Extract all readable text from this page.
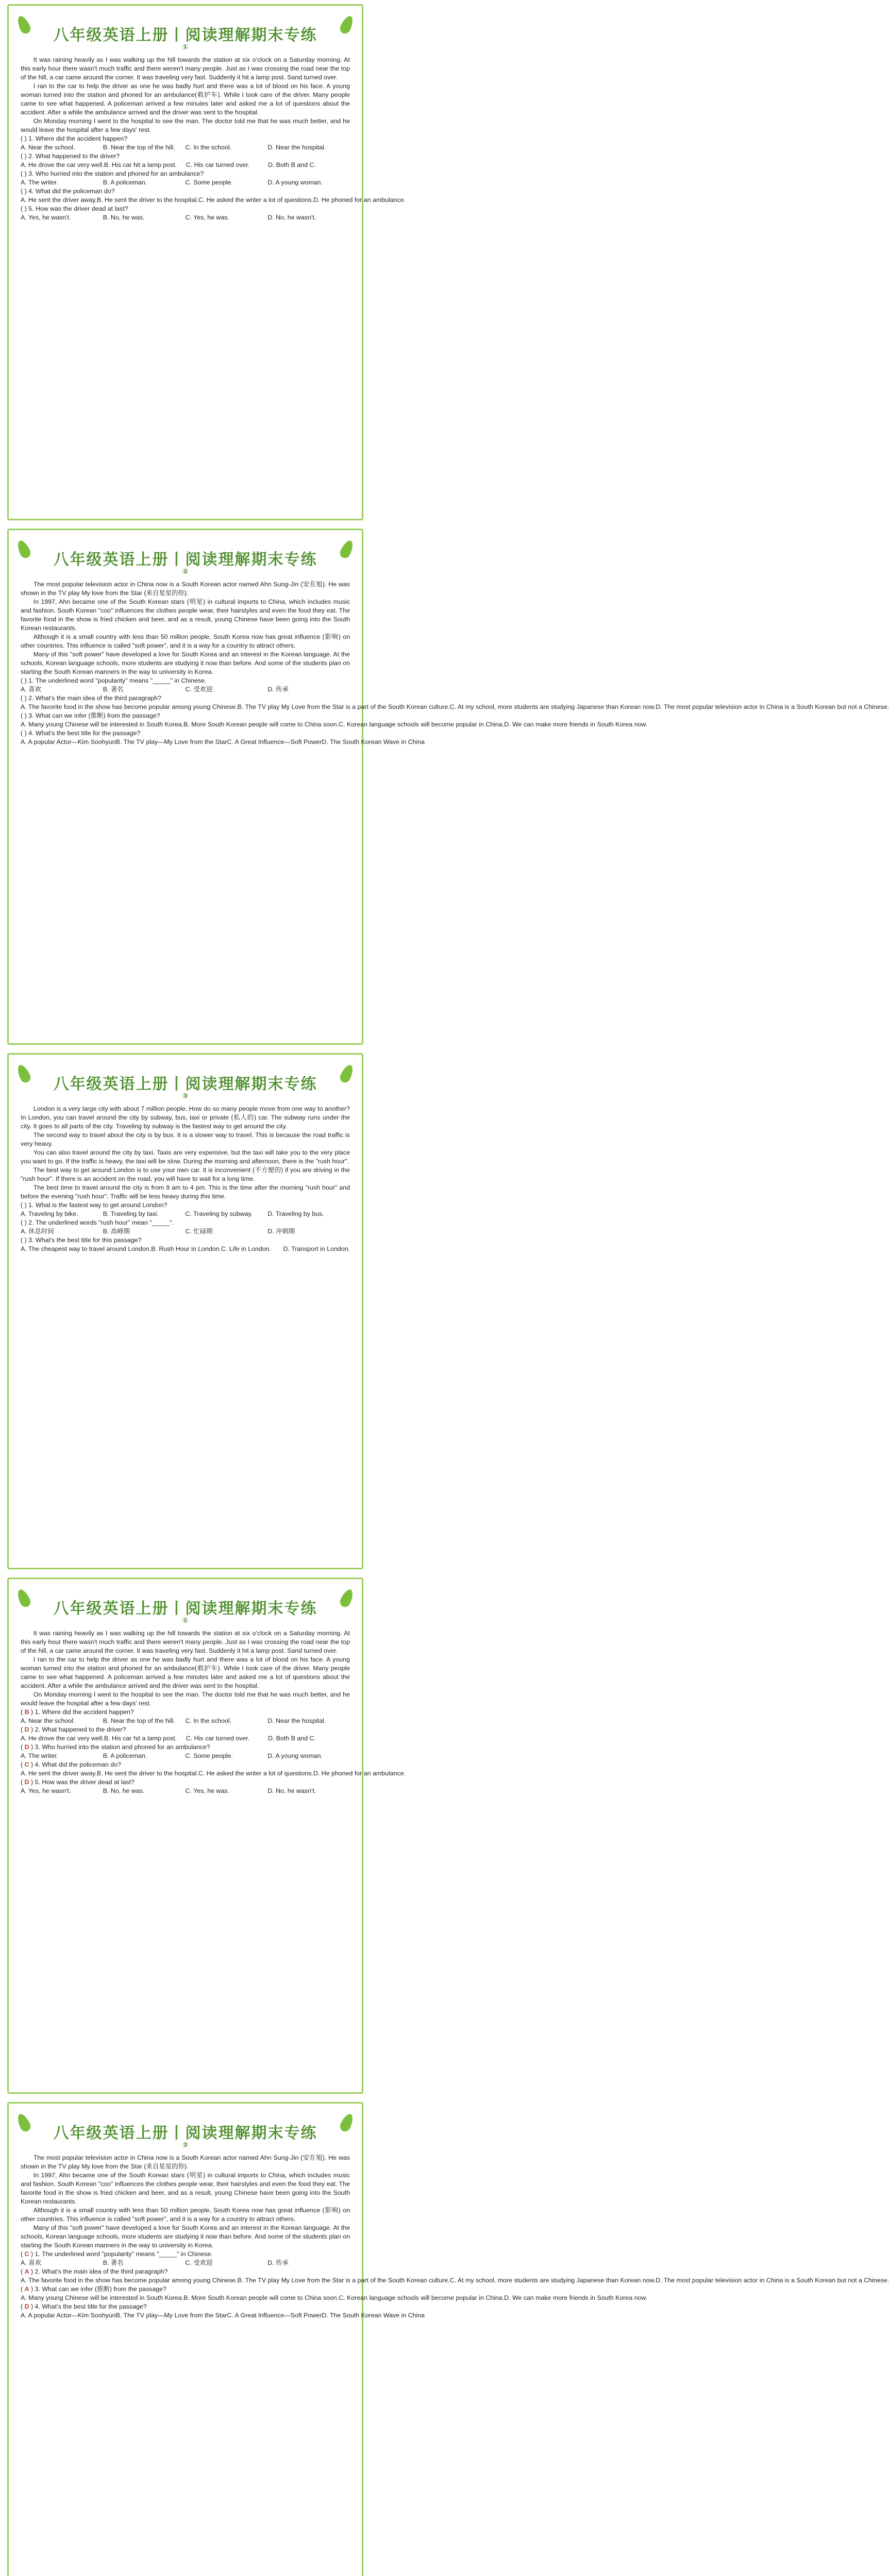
八年级英语上册丨阅读理解期末专练
①

It was raining heavily as I was walking up the hill towards the station at six o'clock on a Saturday morning. At this early hour there wasn't much traffic and there weren't many people. Just as I was crossing the road near the top of the hill, a car came around the corner. It was traveling very fast. Suddenly it hit a lamp post. Sand turned over.

I ran to the car to help the driver as one he was badly hurt and there was a lot of blood on his face. A young woman turned into the station and phoned for an ambulance(救护车). While I took care of the driver. Many people came to see what happened. A policeman arrived a few minutes later and asked me a lot of questions about the accident. After a while the ambulance arrived and the driver was sent to the hospital.

On Monday morning I went to the hospital to see the man. The doctor told me that he was much better, and he would leave the hospital after a few days' rest.

( ) 1. Where did the accident happen?

A. Near the school.	B. Near the top of the hill.	C. In the school.	D. Near the hospital.

( ) 2. What happened to the driver?

A. He drove the car very well. B. His car hit a lamp post.	C. His car turned over.	D. Both B and C.

( ) 3. Who hurried into the station and phoned for an ambulance?

A. The writer.	B. A policeman.	C. Some people.	D. A young woman.

( ) 4. What did the policeman do?

A. He sent the driver away. B. He sent the driver to the hospital. C. He asked the writer a lot of questions. D. He phoned for an ambulance.

( ) 5. How was the driver dead at last?

A. Yes, he wasn't.	B. No, he was.	C. Yes, he was.	D. No, he wasn't.
八年级英语上册丨阅读理解期末专练
②

The most popular television actor in China now is a South Korean actor named Ahn Sung-Jin (安在旭). He was shown in the TV play My love from the Star (来自星星的你).

In 1997, Ahn became one of the South Korean stars (明星) in cultural imports to China, which includes music and fashion. South Korean "coo" influences the clothes people wear, their hairstyles and even the food they eat. The favorite food in the show is fried chicken and beer, and as a result, young Chinese have been going into the South Korean restaurants.

Although it is a small country with less than 50 million people, South Korea now has great influence (影响) on other countries. This influence is called "soft power", and it is a way for a country to attract others.

Many of this "soft power" have developed a love for South Korea and an interest in the Korean language. At the schools, Korean language schools, more students are studying it now than before. And some of the students plan on starting the South Korean manners in the way to university in Korea.

( ) 1. The underlined word "popularity" means "_____" in Chinese.

A. 喜欢	B. 著名	C. 受欢迎	D. 传承

( ) 2. What's the main idea of the third paragraph?

A. The favorite food in the show has become popular among young Chinese. B. The TV play My Love from the Star is a part of the South Korean culture. C. At my school, more students are studying Japanese than Korean now. D. The most popular television actor in China is a South Korean but not a Chinese.

( ) 3. What can we infer (推断) from the passage?

A. Many young Chinese will be interested in South Korea. B. More South Korean people will come to China soon. C. Korean language schools will become popular in China. D. We can make more friends in South Korea now.

( ) 4. What's the best title for the passage?

A. A popular Actor—Kim Soohyun B. The TV play—My Love from the Star C. A Great Influence—Soft Power D. The South Korean Wave in China
八年级英语上册丨阅读理解期末专练
③

London is a very large city with about 7 million people. How do so many people move from one way to another? In London, you can travel around the city by subway, bus, taxi or private (私人的) car. The subway runs under the city. It goes to all parts of the city. Traveling by subway is the fastest way to get around the city.

The second way to travel about the city is by bus. It is a slower way to travel. This is because the road traffic is very heavy.

You can also travel around the city by taxi. Taxis are very expensive, but the taxi will take you to the very place you want to go. If the traffic is heavy, the taxi will be slow. During the morning and afternoon, there is the "rush hour".

The best way to get around London is to use your own car. It is inconvenient (不方便的) if you are driving in the "rush hour". If there is an accident on the road, you will have to wait for a long time.

The best time to travel around the city is from 9 am to 4 pm. This is the time after the morning "rush hour" and before the evening "rush hour". Traffic will be less heavy during this time.

( ) 1. What is the fastest way to get around London?

A. Traveling by bike.	B. Traveling by taxi.	C. Traveling by subway.	D. Traveling by bus.

( ) 2. The underlined words "rush hour" mean "_____".

A. 休息时间	B. 高峰期	C. 忙碌期	D. 冲刺期

( ) 3. What's the best title for this passage?

A. The cheapest way to travel around London. B. Rush Hour in London. C. Life in London.	D. Transport in London.
八年级英语上册丨阅读理解期末专练
①

It was raining heavily as I was walking up the hill towards the station at six o'clock on a Saturday morning. At this early hour there wasn't much traffic and there weren't many people. Just as I was crossing the road near the top of the hill, a car came around the corner. It was traveling very fast. Suddenly it hit a lamp post. Sand turned over.

I ran to the car to help the driver as one he was badly hurt and there was a lot of blood on his face. A young woman turned into the station and phoned for an ambulance(救护车). While I took care of the driver. Many people came to see what happened. A policeman arrived a few minutes later and asked me a lot of questions about the accident. After a while the ambulance arrived and the driver was sent to the hospital.

On Monday morning I went to the hospital to see the man. The doctor told me that he was much better, and he would leave the hospital after a few days' rest.

( B ) 1. Where did the accident happen?

A. Near the school.	B. Near the top of the hill.	C. In the school.	D. Near the hospital.

( D ) 2. What happened to the driver?

A. He drove the car very well. B. His car hit a lamp post.	C. His car turned over.	D. Both B and C.

( D ) 3. Who hurried into the station and phoned for an ambulance?

A. The writer.	B. A policeman.	C. Some people.	D. A young woman.

( C ) 4. What did the policeman do?

A. He sent the driver away. B. He sent the driver to the hospital. C. He asked the writer a lot of questions. D. He phoned for an ambulance.

( D ) 5. How was the driver dead at last?

A. Yes, he wasn't.	B. No, he was.	C. Yes, he was.	D. No, he wasn't.
八年级英语上册丨阅读理解期末专练
②

The most popular television actor in China now is a South Korean actor named Ahn Sung-Jin (安在旭). He was shown in the TV play My love from the Star (来自星星的你).

In 1997, Ahn became one of the South Korean stars (明星) in cultural imports to China, which includes music and fashion. South Korean "coo" influences the clothes people wear, their hairstyles and even the food they eat. The favorite food in the show is fried chicken and beer, and as a result, young Chinese have been going into the South Korean restaurants.

Although it is a small country with less than 50 million people, South Korea now has great influence (影响) on other countries. This influence is called "soft power", and it is a way for a country to attract others.

Many of this "soft power" have developed a love for South Korea and an interest in the Korean language. At the schools, Korean language schools, more students are studying it now than before. And some of the students plan on starting the South Korean manners in the way to university in Korea.

( C ) 1. The underlined word "popularity" means "_____" in Chinese.

A. 喜欢	B. 著名	C. 受欢迎	D. 传承

( A ) 2. What's the main idea of the third paragraph?

A. The favorite food in the show has become popular among young Chinese. B. The TV play My Love from the Star is a part of the South Korean culture. C. At my school, more students are studying Japanese than Korean now. D. The most popular television actor in China is a South Korean but not a Chinese.

( A ) 3. What can we infer (推断) from the passage?

A. Many young Chinese will be interested in South Korea. B. More South Korean people will come to China soon. C. Korean language schools will become popular in China. D. We can make more friends in South Korea now.

( D ) 4. What's the best title for the passage?

A. A popular Actor—Kim Soohyun B. The TV play—My Love from the Star C. A Great Influence—Soft Power D. The South Korean Wave in China
